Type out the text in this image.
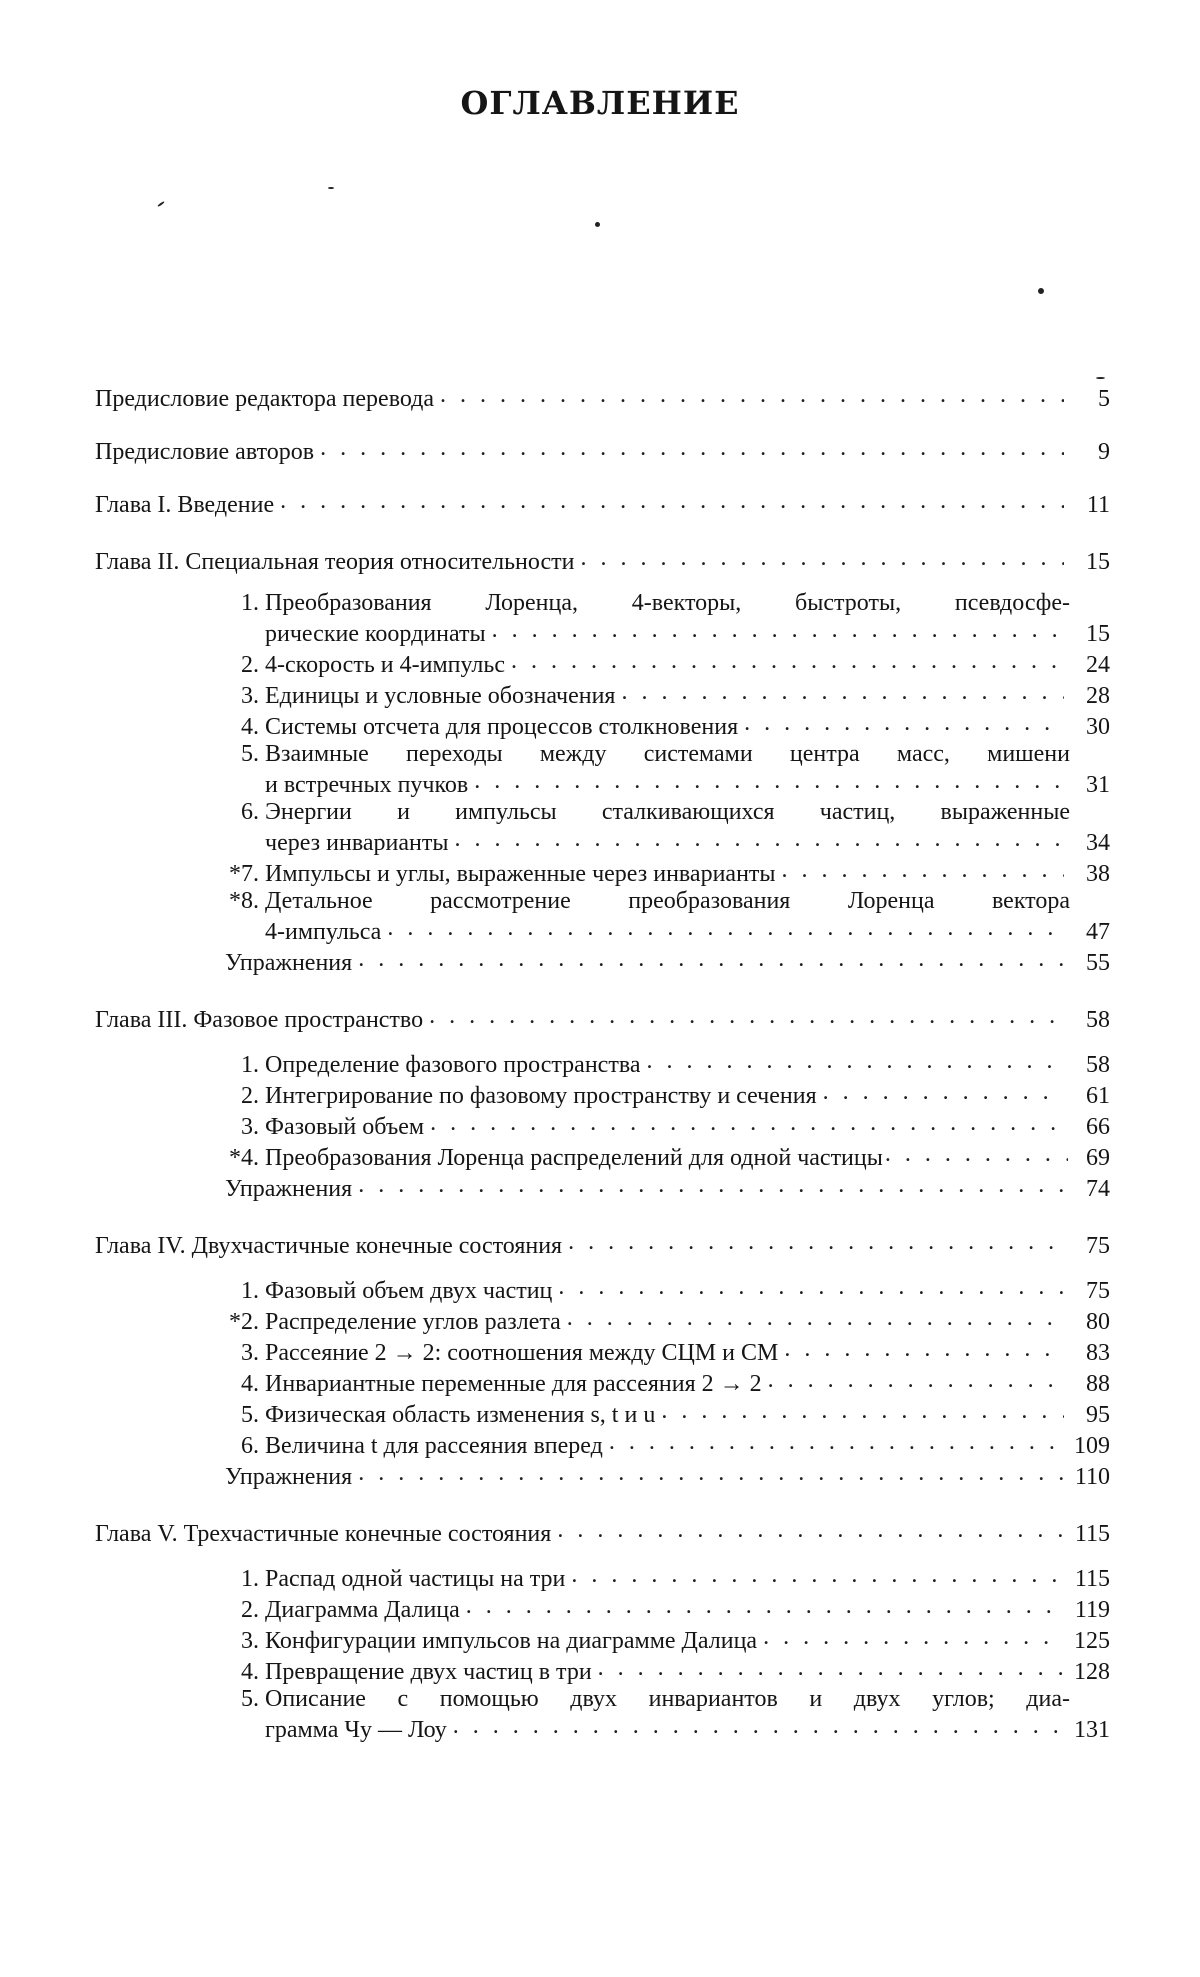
ОГЛАВЛЕНИЕ
Предисловие редактора перевода . . .	5
Предисловие авторов . . .	9
Глава I. Введение . . .	11
Глава II. Специальная теория относительности . . .	15
1. Преобразования Лоренца, 4-векторы, быстроты, псевдосфе-
рические координаты . . .	15
2. 4-скорость и 4-импульс . . .	24
3. Единицы и условные обозначения . . .	28
4. Системы отсчета для процессов столкновения . . .	30
5. Взаимные переходы между системами центра масс, мишени
и встречных пучков . . .	31
6. Энергии и импульсы сталкивающихся частиц, выраженные
через инварианты . . .	34
*7. Импульсы и углы, выраженные через инварианты . . .	38
*8. Детальное рассмотрение преобразования Лоренца вектора
4-импульса . . .	47
Упражнения . . .	55
Глава III. Фазовое пространство . . .	58
1. Определение фазового пространства . . .	58
2. Интегрирование по фазовому пространству и сечения . . .	61
3. Фазовый объем . . .	66
*4. Преобразования Лоренца распределений для одной частицы . . .	69
Упражнения . . .	74
Глава IV. Двухчастичные конечные состояния . . .	75
1. Фазовый объем двух частиц . . .	75
*2. Распределение углов разлета . . .	80
3. Рассеяние 2 → 2: соотношения между СЦМ и СМ . . .	83
4. Инвариантные переменные для рассеяния 2 → 2 . . .	88
5. Физическая область изменения s, t и u . . .	95
6. Величина t для рассеяния вперед . . .	109
Упражнения . . .	110
Глава V. Трехчастичные конечные состояния . . .	115
1. Распад одной частицы на три . . .	115
2. Диаграмма Далица . . .	119
3. Конфигурации импульсов на диаграмме Далица . . .	125
4. Превращение двух частиц в три . . .	128
5. Описание с помощью двух инвариантов и двух углов; диа-
грамма Чу — Лоу . . .	131
